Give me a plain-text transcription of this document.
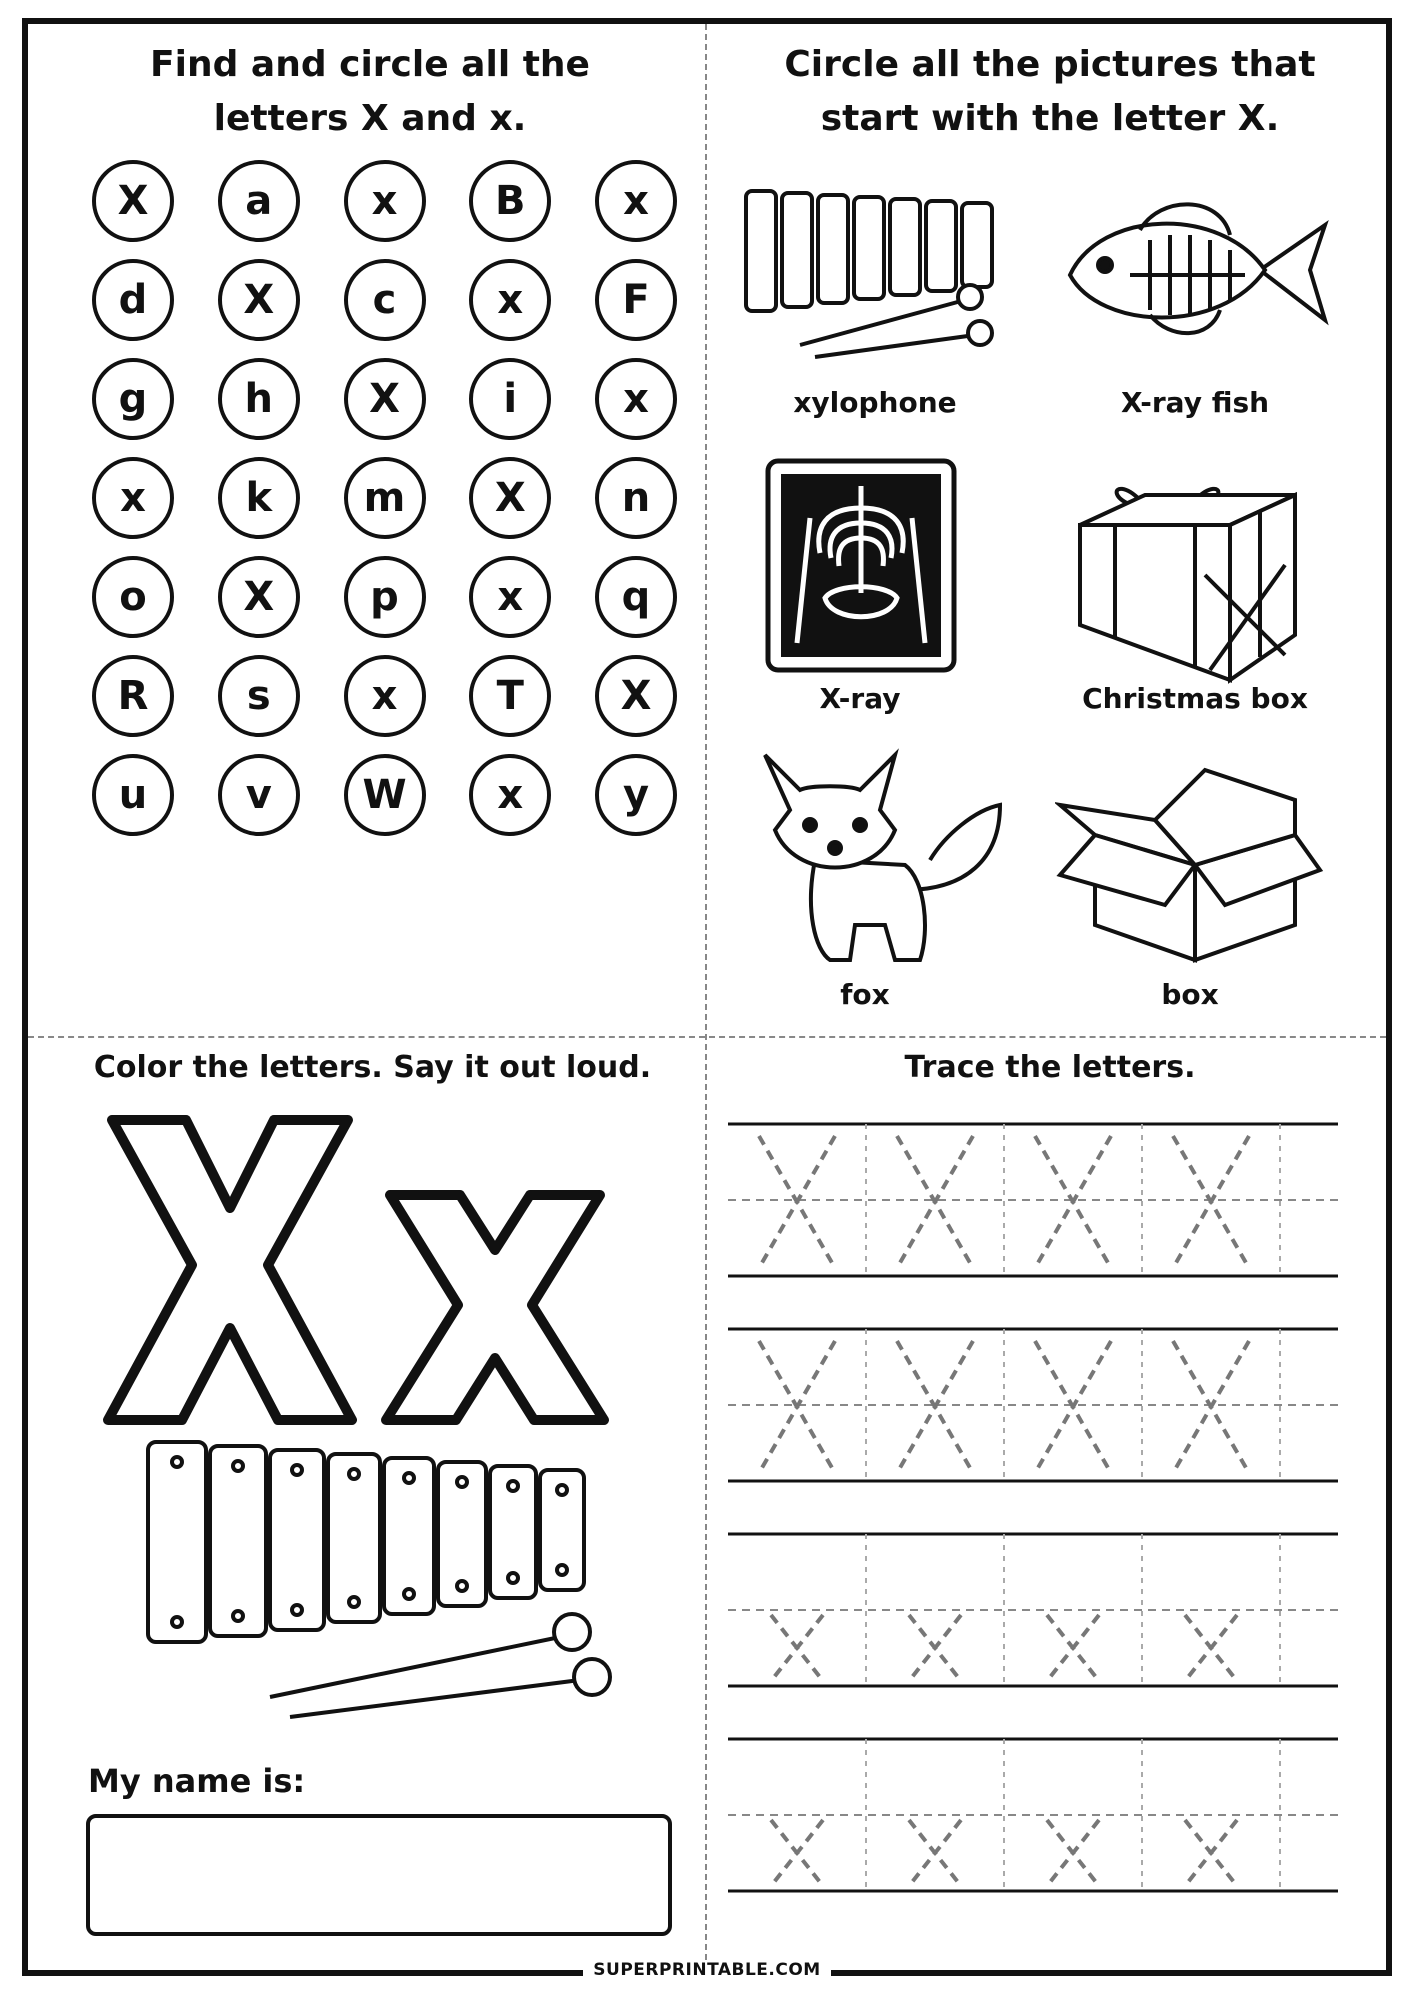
Find and circle all the
letters X and x.
X	a	x	B	x
d	X	c	x	F
g	h	X	i	x
x	k	m	X	n
o	X	p	x	q
R	s	x	T	X
u	v	W	x	y
Circle all the pictures that
start with the letter X.
xylophone	X-ray fish
X-ray	Christmas box
fox	box
Color the letters. Say it out loud.
My name is:
Trace the letters.
SUPERPRINTABLE.COM
